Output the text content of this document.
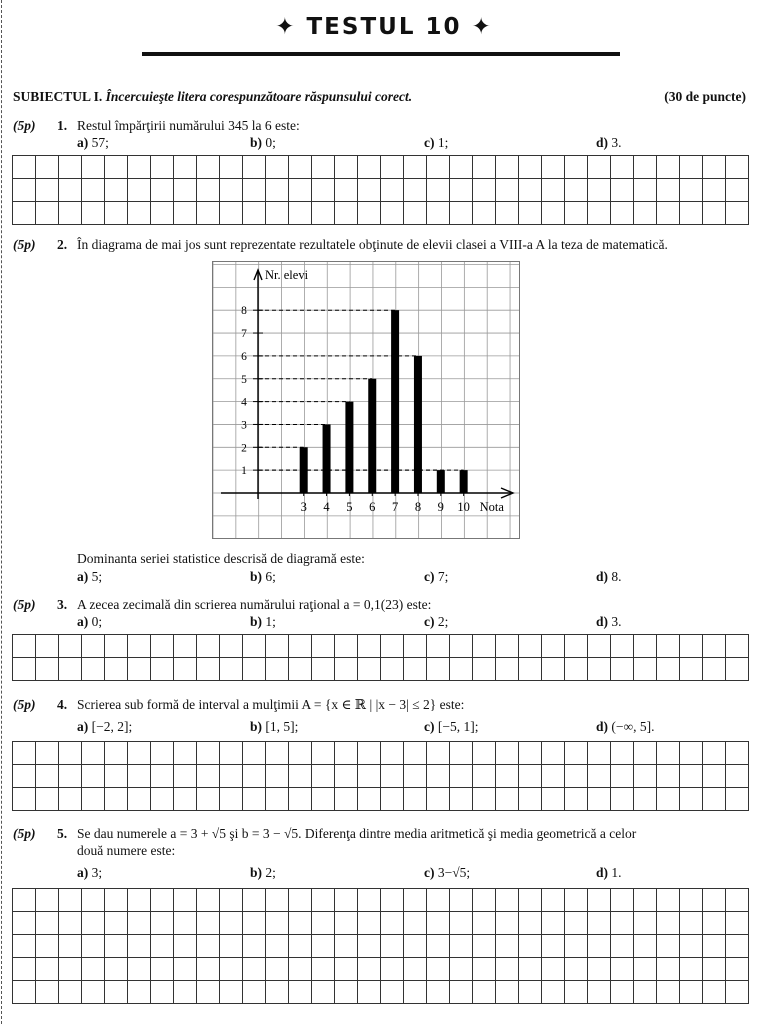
✦ TESTUL 10 ✦
SUBIECTUL I. Încercuieşte litera corespunzătoare răspunsului corect.	(30 de puncte)
(5p) 1. Restul împărţirii numărului 345 la 6 este:
a) 57;	b) 0;	c) 1;	d) 3.
(5p) 2. În diagrama de mai jos sunt reprezentate rezultatele obţinute de elevii clasei a VIII-a A la teza de matematică.
Nr. elevi
1
2
3
4
5
6
7
8
3 4 5 6 7 8 9 10 Nota
Dominanta seriei statistice descrisă de diagramă este:
a) 5;	b) 6;	c) 7;	d) 8.
(5p) 3. A zecea zecimală din scrierea numărului raţional a = 0,1(23) este:
a) 0;	b) 1;	c) 2;	d) 3.
(5p) 4. Scrierea sub formă de interval a mulţimii A = {x ∈ ℝ | |x − 3| ≤ 2} este:
a) [−2, 2];	b) [1, 5];	c) [−5, 1];	d) (−∞, 5].
(5p) 5. Se dau numerele a = 3 + √5 şi b = 3 − √5. Diferenţa dintre media aritmetică şi media geometrică a celor
două numere este:
a) 3;	b) 2;	c) 3−√5;	d) 1.
